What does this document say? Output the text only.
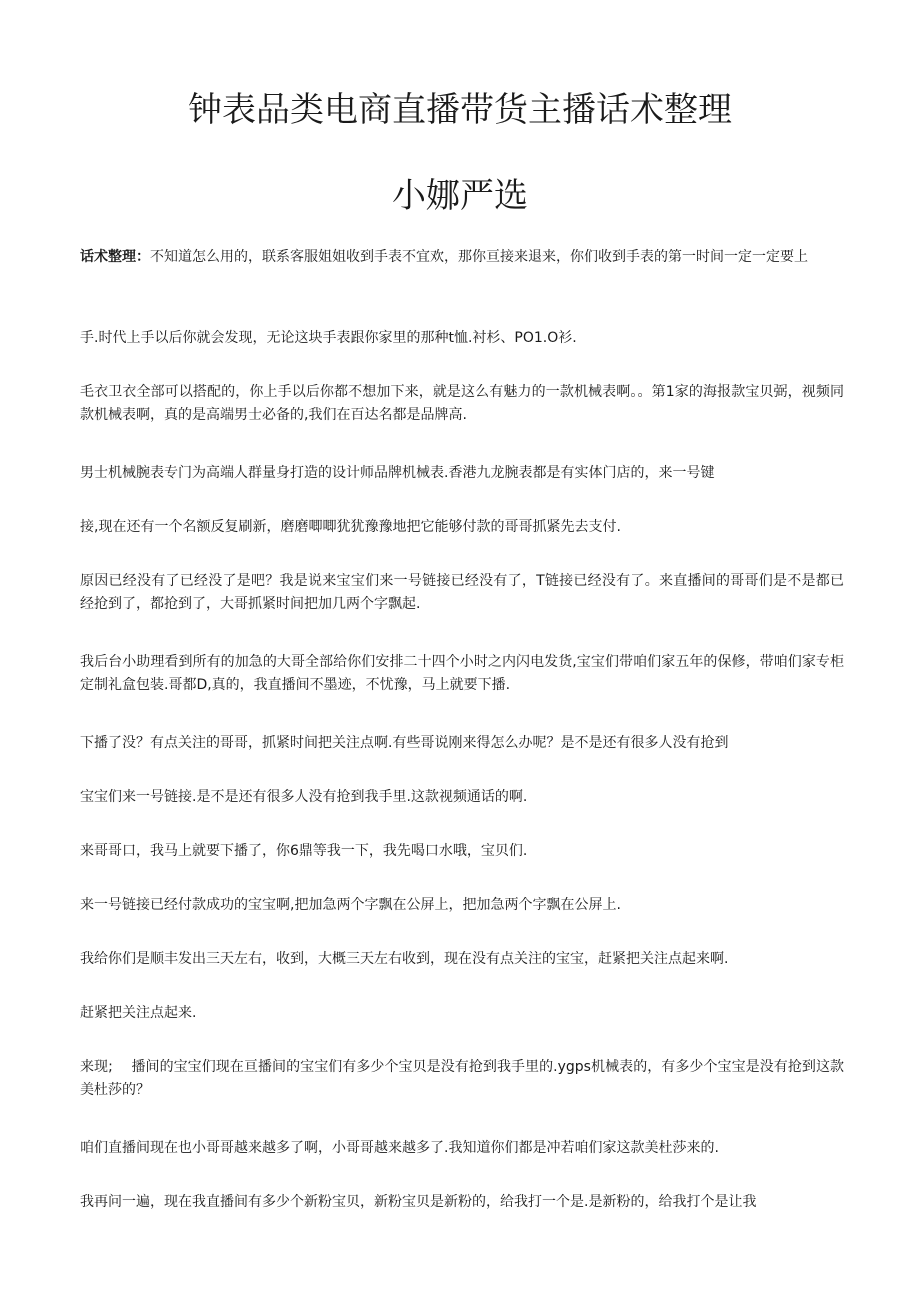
钟表品类电商直播带货主播话术整理
小娜严选

话术整理：不知道怎么用的，联系客服姐姐收到手表不宜欢，那你亘接来退来，你们收到手表的第一时间一定一定要上

手.时代上手以后你就会发现，无论这块手表跟你家里的那种t恤.衬杉、PO1.O衫.

毛衣卫衣全部可以搭配的，你上手以后你都不想加下来，就是这么有魅力的一款机械表啊。。第1家的海报款宝贝弼，视频同款机械表啊，真的是高端男士必备的,我们在百达名都是品牌高.

男士机械腕表专门为高端人群量身打造的设计师品牌机械表.香港九龙腕表都是有实体门店的，来一号键

接,现在还有一个名额反复刷新，磨磨唧唧犹犹豫豫地把它能够付款的哥哥抓紧先去支付.

原因已经没有了已经没了是吧？我是说来宝宝们来一号链接已经没有了，T链接已经没有了。来直播间的哥哥们是不是都已经抢到了，都抢到了，大哥抓紧时间把加几两个字飘起.

我后台小助理看到所有的加急的大哥全部给你们安排二十四个小时之内闪电发货,宝宝们带咱们家五年的保修，带咱们家专柜定制礼盒包装.哥都D,真的，我直播间不墨迹，不忧豫，马上就要下播.

下播了没？有点关注的哥哥，抓紧时间把关注点啊.有些哥说刚来得怎么办呢？是不是还有很多人没有抢到

宝宝们来一号链接.是不是还有很多人没有抢到我手里.这款视频通话的啊.

来哥哥口，我马上就要下播了，你6鼎等我一下，我先喝口水哦，宝贝们.

来一号链接已经付款成功的宝宝啊,把加急两个字飘在公屏上，把加急两个字飘在公屏上.

我给你们是顺丰发出三天左右，收到，大概三天左右收到，现在没有点关注的宝宝，赶紧把关注点起来啊.

赶紧把关注点起来.

来现;　 播间的宝宝们现在亘播间的宝宝们有多少个宝贝是没有抢到我手里的.ygps机械表的，有多少个宝宝是没有抢到这款美杜莎的？

咱们直播间现在也小哥哥越来越多了啊，小哥哥越来越多了.我知道你们都是冲若咱们家这款美杜莎来的.

我再问一遍，现在我直播间有多少个新粉宝贝，新粉宝贝是新粉的，给我打一个是.是新粉的，给我打个是让我
